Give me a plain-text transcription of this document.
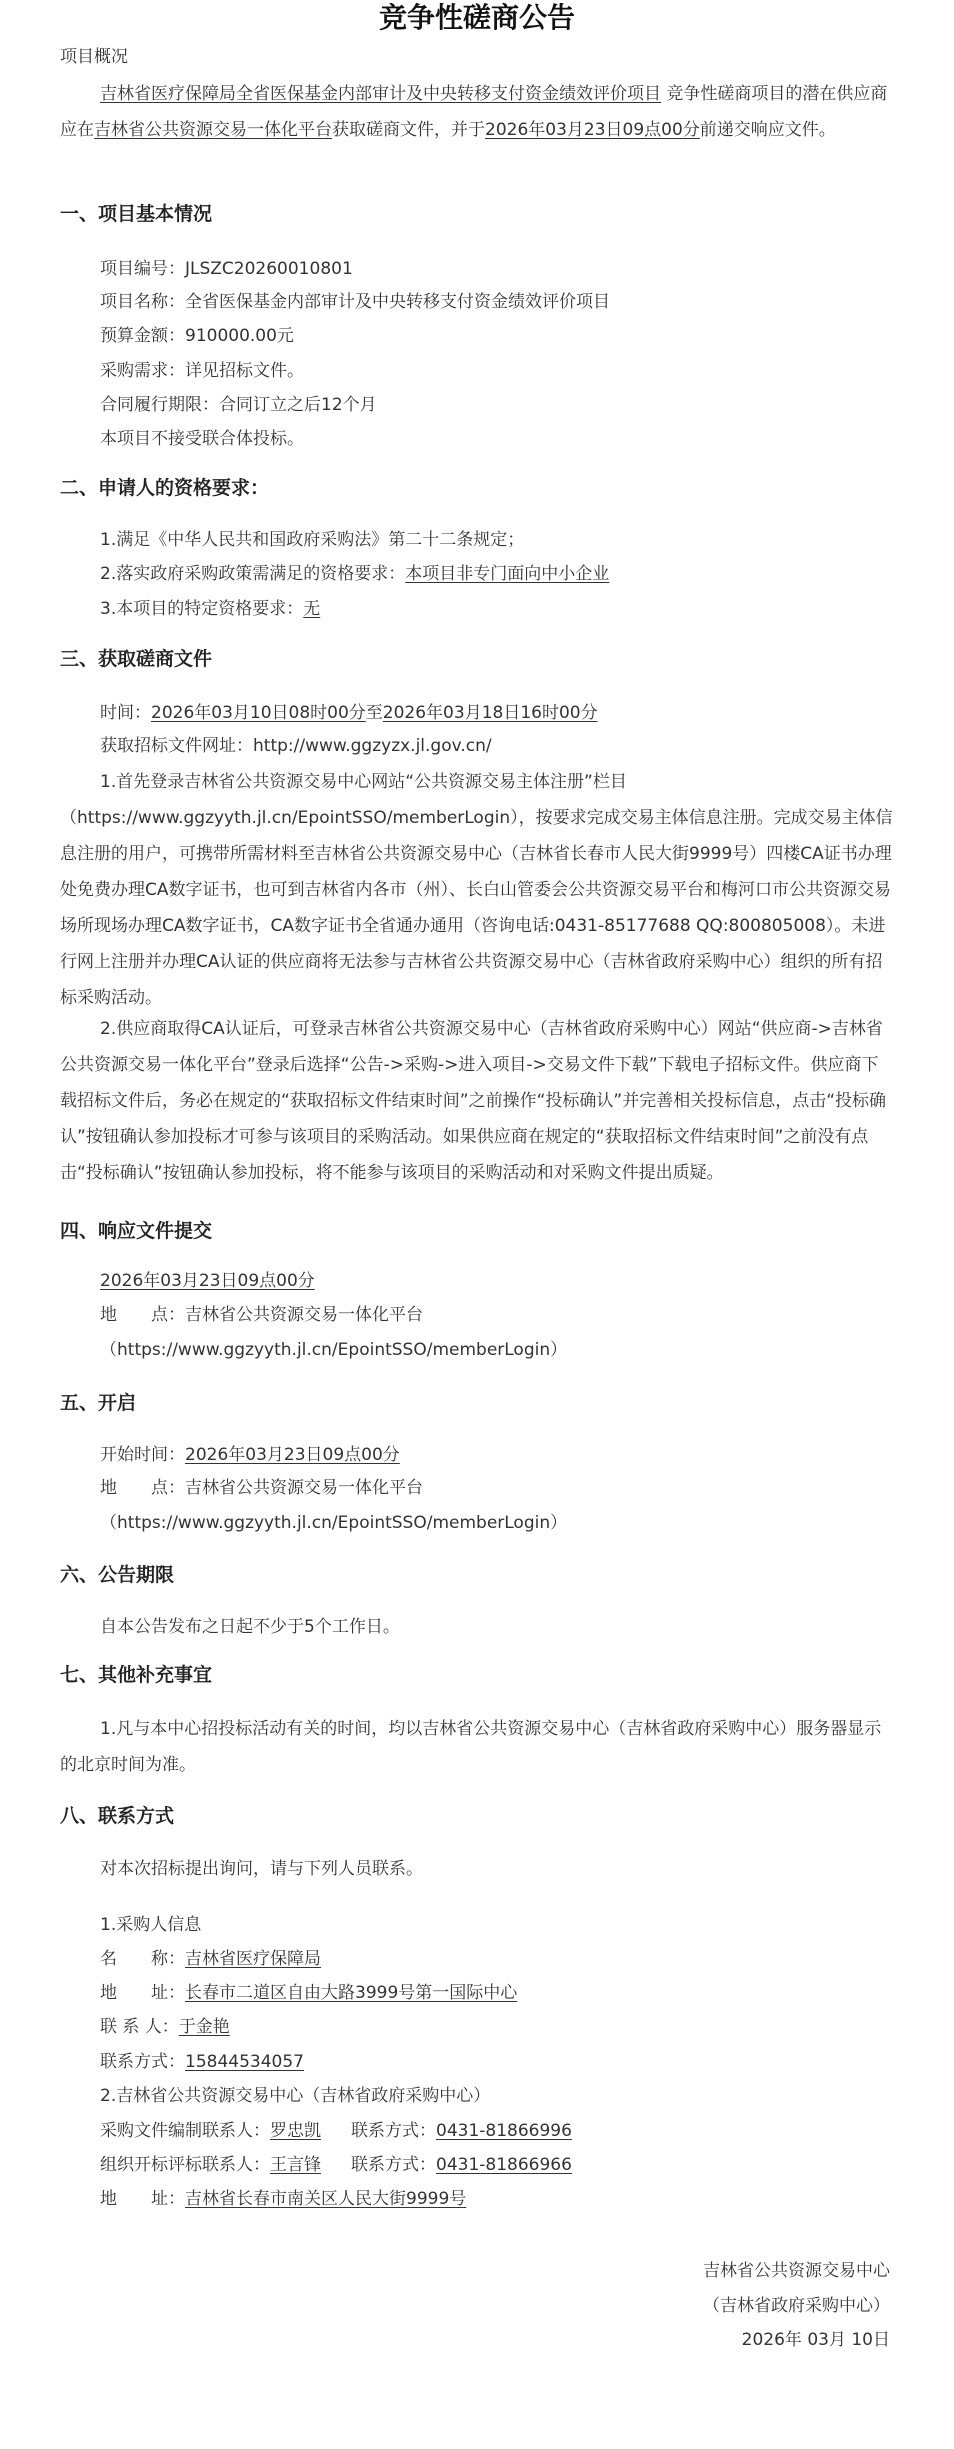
竞争性磋商公告
项目概况
吉林省医疗保障局全省医保基金内部审计及中央转移支付资金绩效评价项目 竞争性磋商项目的潜在供应商应在吉林省公共资源交易一体化平台获取磋商文件，并于2026年03月23日09点00分前递交响应文件。
一、项目基本情况
项目编号：JLSZC20260010801
项目名称：全省医保基金内部审计及中央转移支付资金绩效评价项目
预算金额：910000.00元
采购需求：详见招标文件。
合同履行期限：合同订立之后12个月
本项目不接受联合体投标。
二、申请人的资格要求：
1.满足《中华人民共和国政府采购法》第二十二条规定；
2.落实政府采购政策需满足的资格要求：本项目非专门面向中小企业
3.本项目的特定资格要求：无
三、获取磋商文件
时间：2026年03月10日08时00分至2026年03月18日16时00分
获取招标文件网址：http://www.ggzyzx.jl.gov.cn/
1.首先登录吉林省公共资源交易中心网站“公共资源交易主体注册”栏目（https://www.ggzyyth.jl.cn/EpointSSO/memberLogin），按要求完成交易主体信息注册。完成交易主体信息注册的用户，可携带所需材料至吉林省公共资源交易中心（吉林省长春市人民大街9999号）四楼CA证书办理处免费办理CA数字证书，也可到吉林省内各市（州）、长白山管委会公共资源交易平台和梅河口市公共资源交易场所现场办理CA数字证书，CA数字证书全省通办通用（咨询电话:0431-85177688 QQ:800805008）。未进行网上注册并办理CA认证的供应商将无法参与吉林省公共资源交易中心（吉林省政府采购中心）组织的所有招标采购活动。
2.供应商取得CA认证后，可登录吉林省公共资源交易中心（吉林省政府采购中心）网站“供应商->吉林省公共资源交易一体化平台”登录后选择“公告->采购->进入项目->交易文件下载”下载电子招标文件。供应商下载招标文件后，务必在规定的“获取招标文件结束时间”之前操作“投标确认”并完善相关投标信息，点击“投标确认”按钮确认参加投标才可参与该项目的采购活动。如果供应商在规定的“获取招标文件结束时间”之前没有点击“投标确认”按钮确认参加投标，将不能参与该项目的采购活动和对采购文件提出质疑。
四、响应文件提交
2026年03月23日09点00分
地　　点：吉林省公共资源交易一体化平台
（https://www.ggzyyth.jl.cn/EpointSSO/memberLogin）
五、开启
开始时间：2026年03月23日09点00分
地　　点：吉林省公共资源交易一体化平台
（https://www.ggzyyth.jl.cn/EpointSSO/memberLogin）
六、公告期限
自本公告发布之日起不少于5个工作日。
七、其他补充事宜
1.凡与本中心招投标活动有关的时间，均以吉林省公共资源交易中心（吉林省政府采购中心）服务器显示的北京时间为准。
八、联系方式
对本次招标提出询问，请与下列人员联系。
1.采购人信息
名　　称：吉林省医疗保障局
地　　址：长春市二道区自由大路3999号第一国际中心
联 系 人：于金艳
联系方式：15844534057
2.吉林省公共资源交易中心（吉林省政府采购中心）
采购文件编制联系人：罗忠凯 联系方式：0431-81866996
组织开标评标联系人：王言锋 联系方式：0431-81866966
地　　址：吉林省长春市南关区人民大街9999号
吉林省公共资源交易中心
（吉林省政府采购中心）
2026年 03月 10日
